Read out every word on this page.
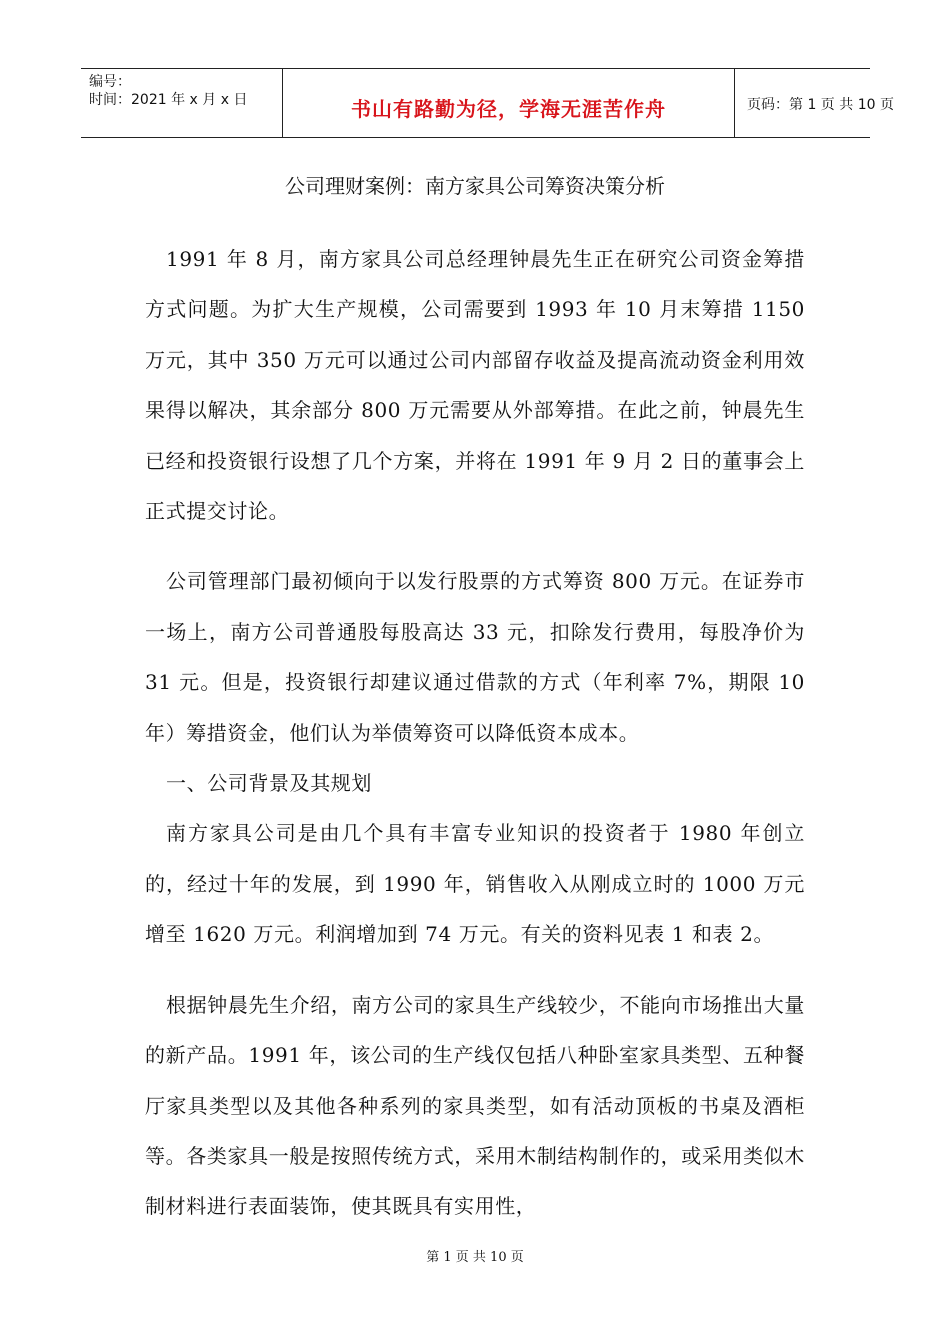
编号：
时间：2021 年 x 月 x 日	书山有路勤为径，学海无涯苦作舟	页码：第 1 页 共 10 页
公司理财案例：南方家具公司筹资决策分析

1991 年 8 月，南方家具公司总经理钟晨先生正在研究公司资金筹措方式问题。为扩大生产规模，公司需要到 1993 年 10 月末筹措 1150 万元，其中 350 万元可以通过公司内部留存收益及提高流动资金利用效果得以解决，其余部分 800 万元需要从外部筹措。在此之前，钟晨先生已经和投资银行设想了几个方案，并将在 1991 年 9 月 2 日的董事会上正式提交讨论。

公司管理部门最初倾向于以发行股票的方式筹资 800 万元。在证券市一场上，南方公司普通股每股高达 33 元，扣除发行费用，每股净价为 31 元。但是，投资银行却建议通过借款的方式（年利率 7%，期限 10 年）筹措资金，他们认为举债筹资可以降低资本成本。

一、公司背景及其规划

南方家具公司是由几个具有丰富专业知识的投资者于 1980 年创立的，经过十年的发展，到 1990 年，销售收入从刚成立时的 1000 万元增至 1620 万元。利润增加到 74 万元。有关的资料见表 1 和表 2。

根据钟晨先生介绍，南方公司的家具生产线较少，不能向市场推出大量的新产品。1991 年，该公司的生产线仅包括八种卧室家具类型、五种餐厅家具类型以及其他各种系列的家具类型，如有活动顶板的书桌及酒柜等。各类家具一般是按照传统方式，采用木制结构制作的，或采用类似木制材料进行表面装饰，使其既具有实用性，

第 1 页 共 10 页
